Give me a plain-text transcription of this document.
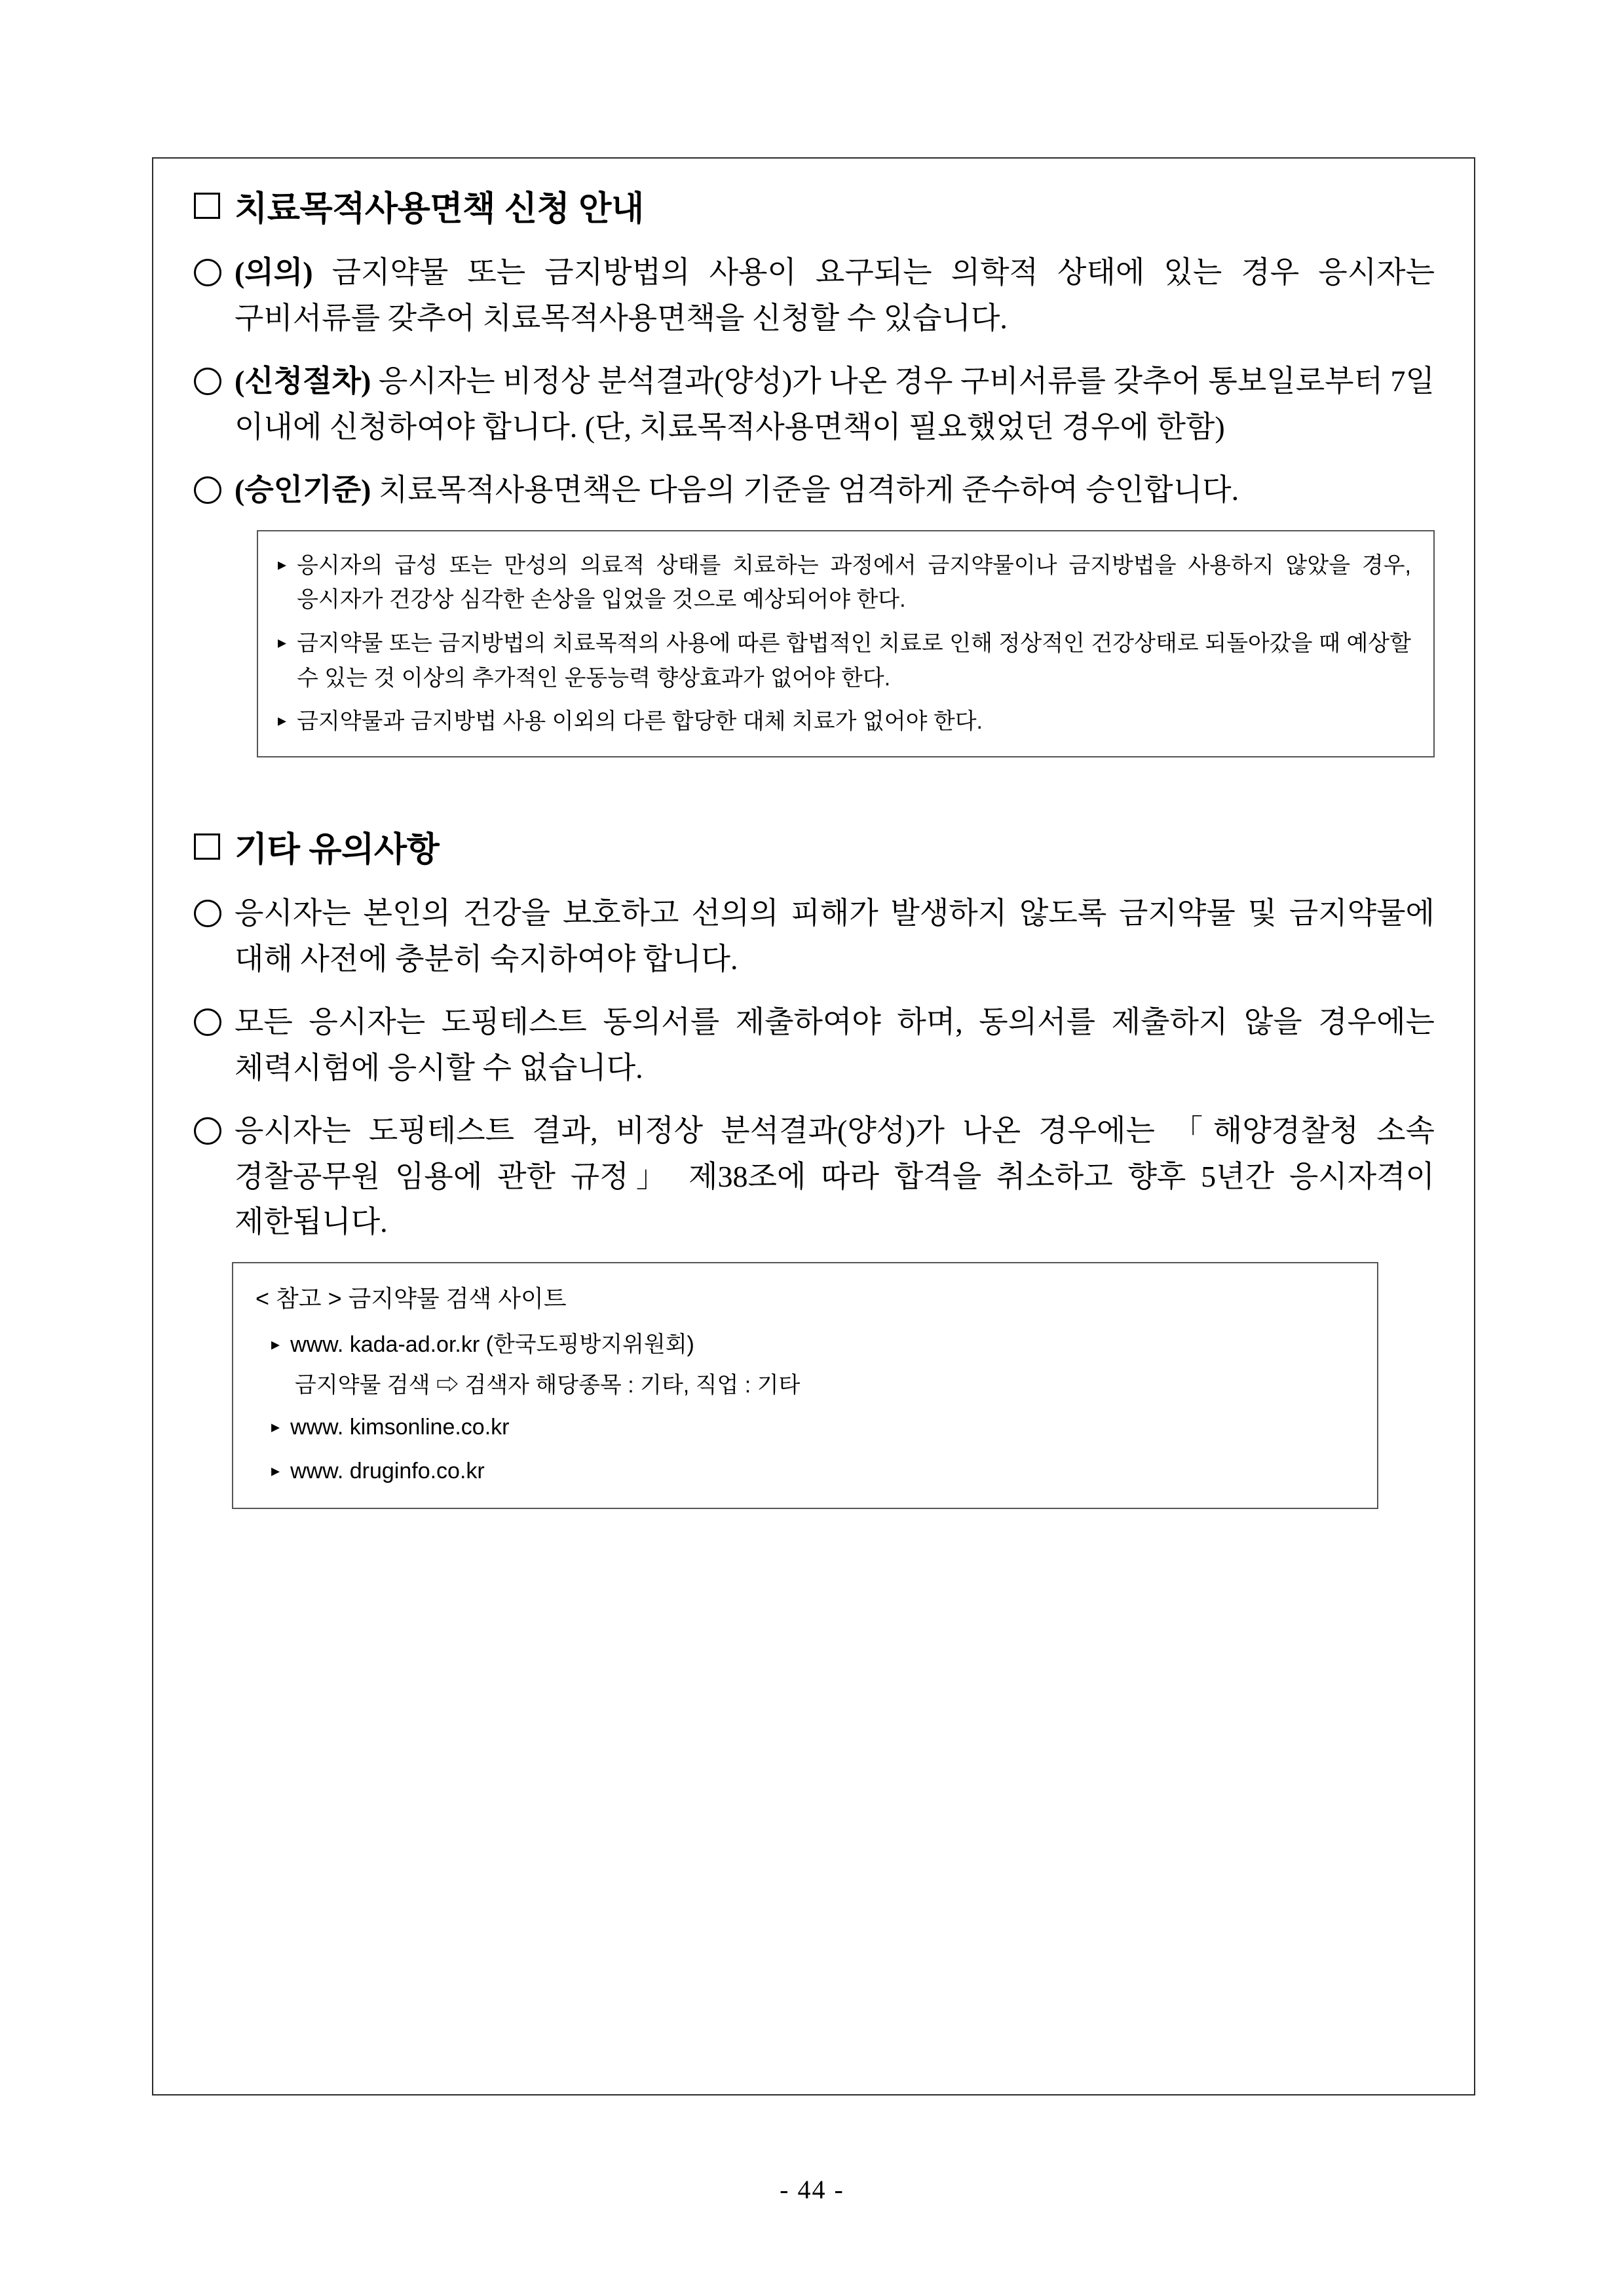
치료목적사용면책 신청 안내
(의의) 금지약물 또는 금지방법의 사용이 요구되는 의학적 상태에 있는 경우 응시자는 구비서류를 갖추어 치료목적사용면책을 신청할 수 있습니다.
(신청절차) 응시자는 비정상 분석결과(양성)가 나온 경우 구비서류를 갖추어 통보일로부터 7일 이내에 신청하여야 합니다. (단, 치료목적사용면책이 필요했었던 경우에 한함)
(승인기준) 치료목적사용면책은 다음의 기준을 엄격하게 준수하여 승인합니다.
▸ 응시자의 급성 또는 만성의 의료적 상태를 치료하는 과정에서 금지약물이나 금지방법을 사용하지 않았을 경우, 응시자가 건강상 심각한 손상을 입었을 것으로 예상되어야 한다.
▸ 금지약물 또는 금지방법의 치료목적의 사용에 따른 합법적인 치료로 인해 정상적인 건강상태로 되돌아갔을 때 예상할 수 있는 것 이상의 추가적인 운동능력 향상효과가 없어야 한다.
▸ 금지약물과 금지방법 사용 이외의 다른 합당한 대체 치료가 없어야 한다.
기타 유의사항
응시자는 본인의 건강을 보호하고 선의의 피해가 발생하지 않도록 금지약물 및 금지약물에 대해 사전에 충분히 숙지하여야 합니다.
모든 응시자는 도핑테스트 동의서를 제출하여야 하며, 동의서를 제출하지 않을 경우에는 체력시험에 응시할 수 없습니다.
응시자는 도핑테스트 결과, 비정상 분석결과(양성)가 나온 경우에는 「해양경찰청 소속 경찰공무원 임용에 관한 규정」 제38조에 따라 합격을 취소하고 향후 5년간 응시자격이 제한됩니다.
< 참고 > 금지약물 검색 사이트
▸ www. kada-ad.or.kr (한국도핑방지위원회)
금지약물 검색 ⇨ 검색자 해당종목 : 기타, 직업 : 기타
▸ www. kimsonline.co.kr
▸ www. druginfo.co.kr
- 44 -
